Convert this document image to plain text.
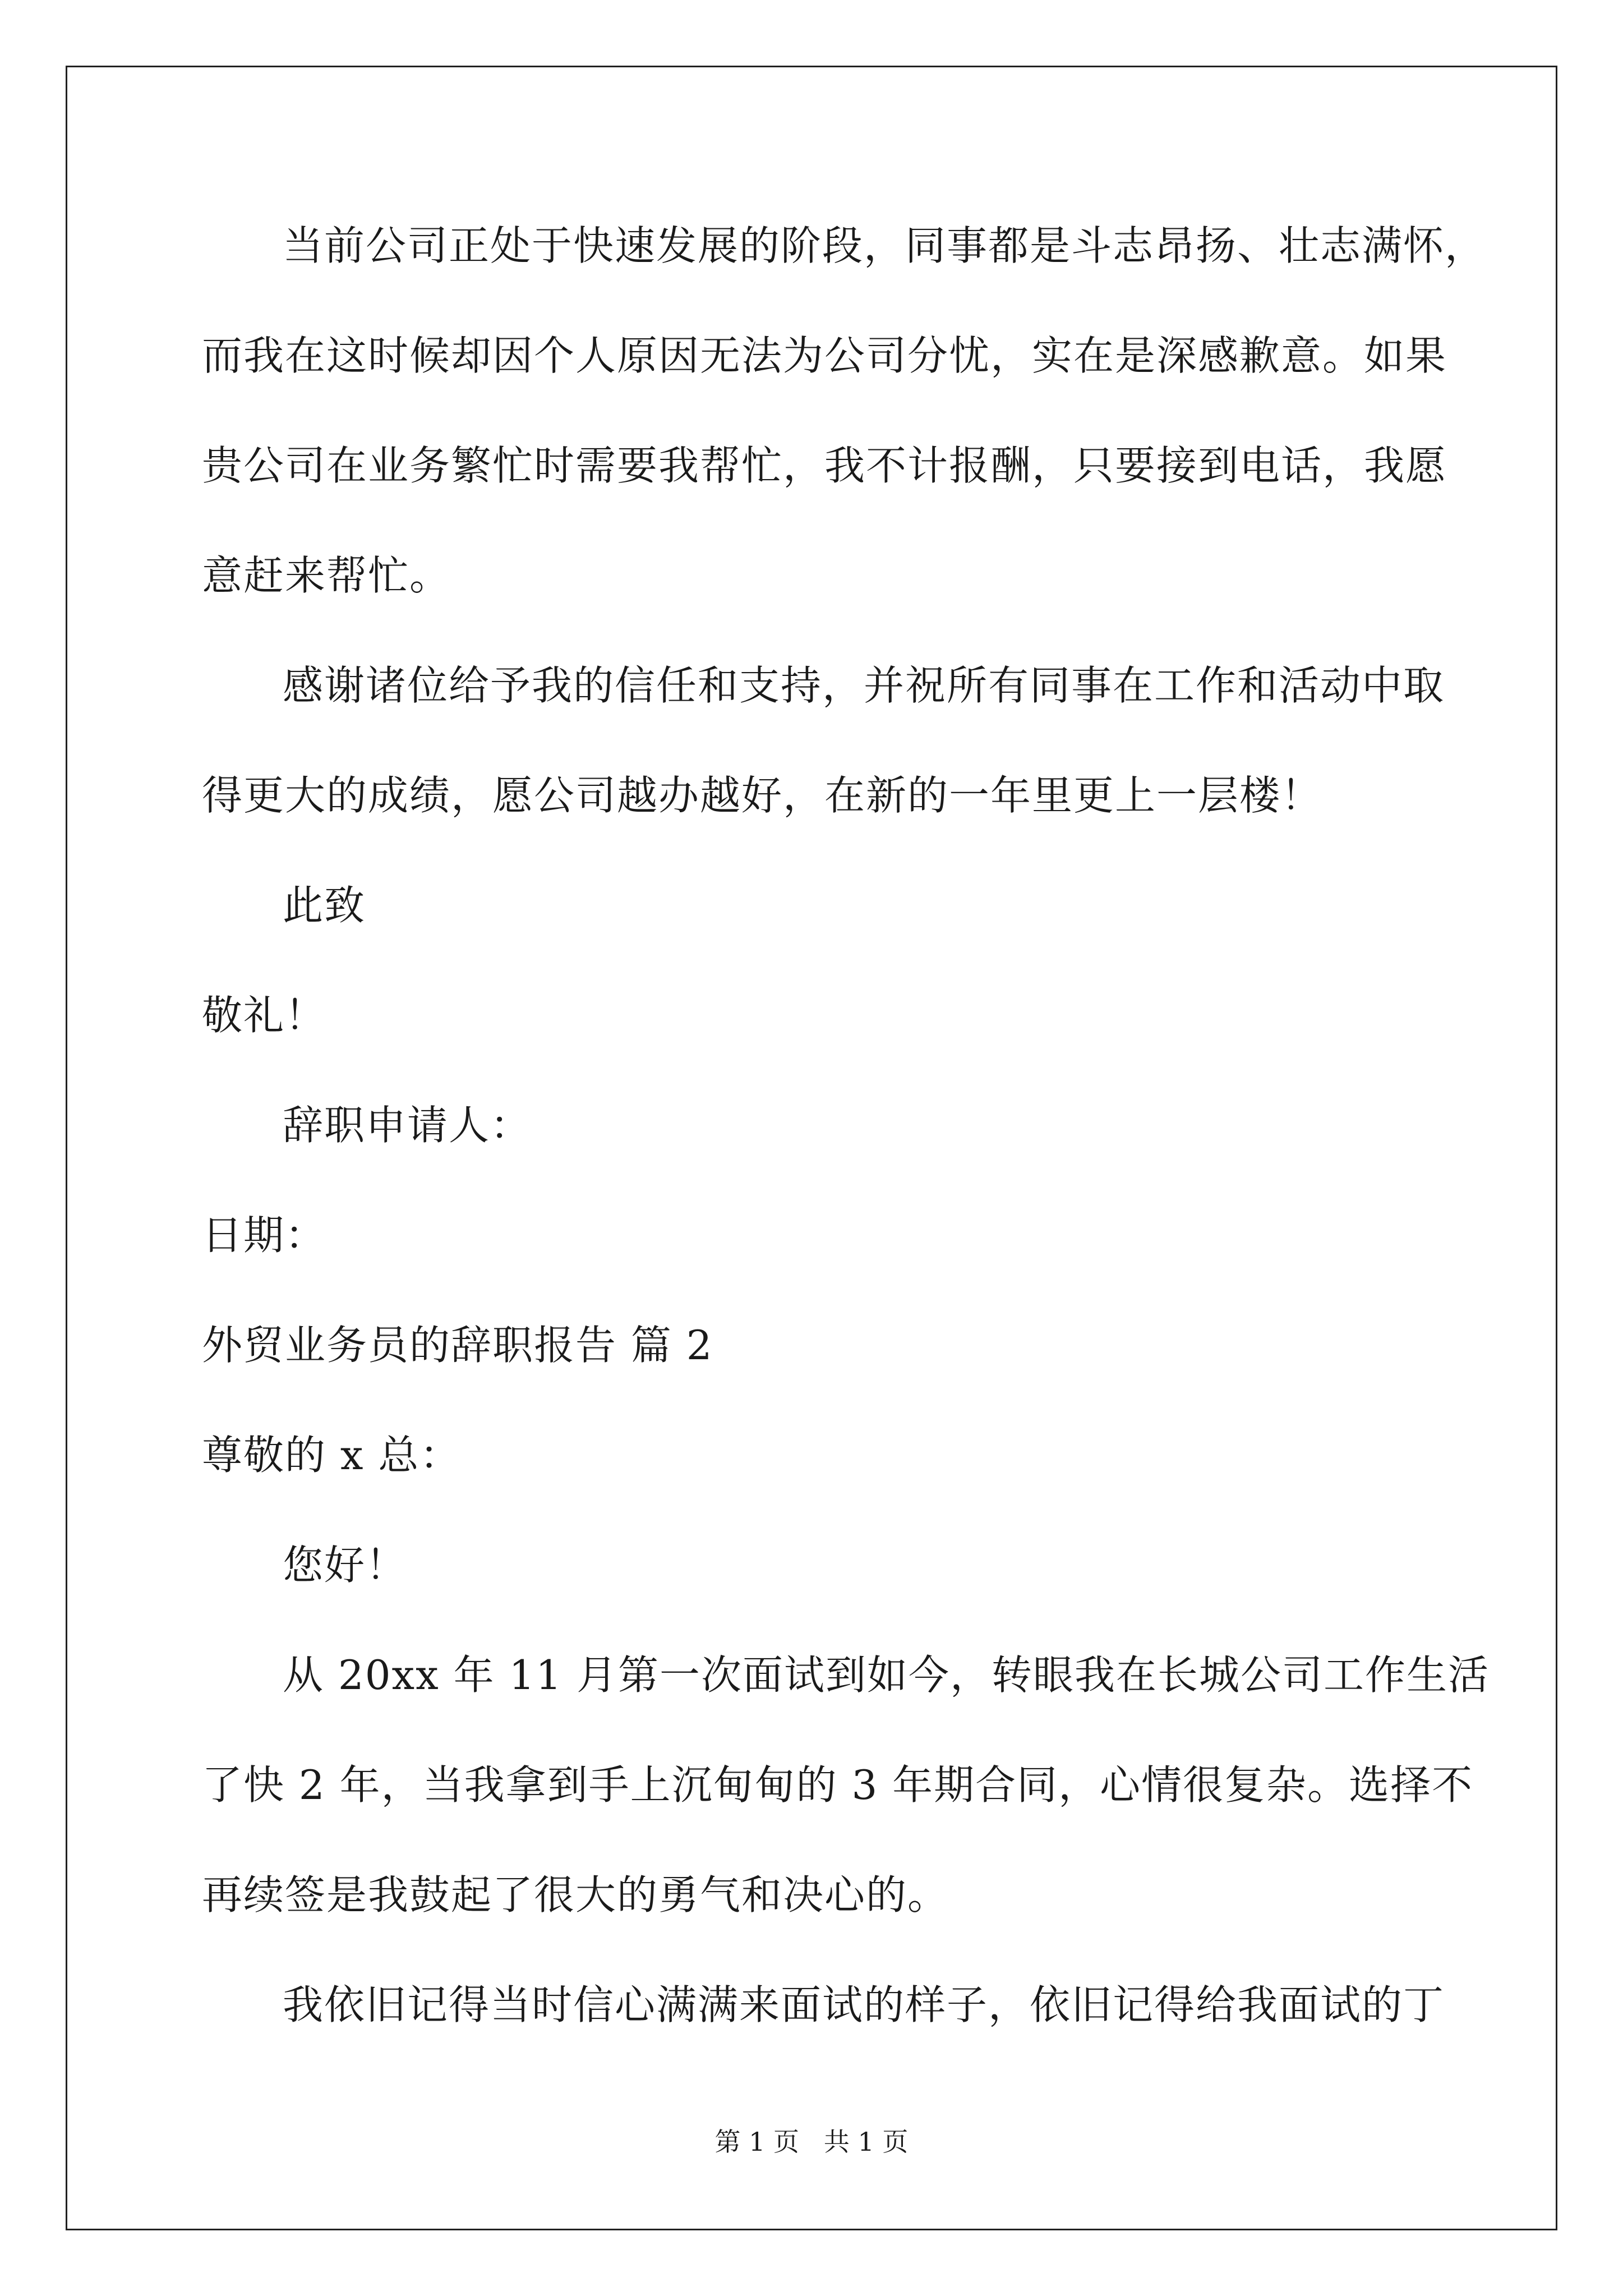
当前公司正处于快速发展的阶段，同事都是斗志昂扬、壮志满怀，
而我在这时候却因个人原因无法为公司分忧，实在是深感歉意。如果
贵公司在业务繁忙时需要我帮忙，我不计报酬，只要接到电话，我愿
意赶来帮忙。
感谢诸位给予我的信任和支持，并祝所有同事在工作和活动中取
得更大的成绩，愿公司越办越好，在新的一年里更上一层楼！
此致
敬礼！
辞职申请人：
日期：
外贸业务员的辞职报告 篇 2
尊敬的 x 总：
您好！
从 20xx 年 11 月第一次面试到如今，转眼我在长城公司工作生活
了快 2 年，当我拿到手上沉甸甸的 3 年期合同，心情很复杂。选择不
再续签是我鼓起了很大的勇气和决心的。
我依旧记得当时信心满满来面试的样子，依旧记得给我面试的丁
第 1 页   共 1 页
